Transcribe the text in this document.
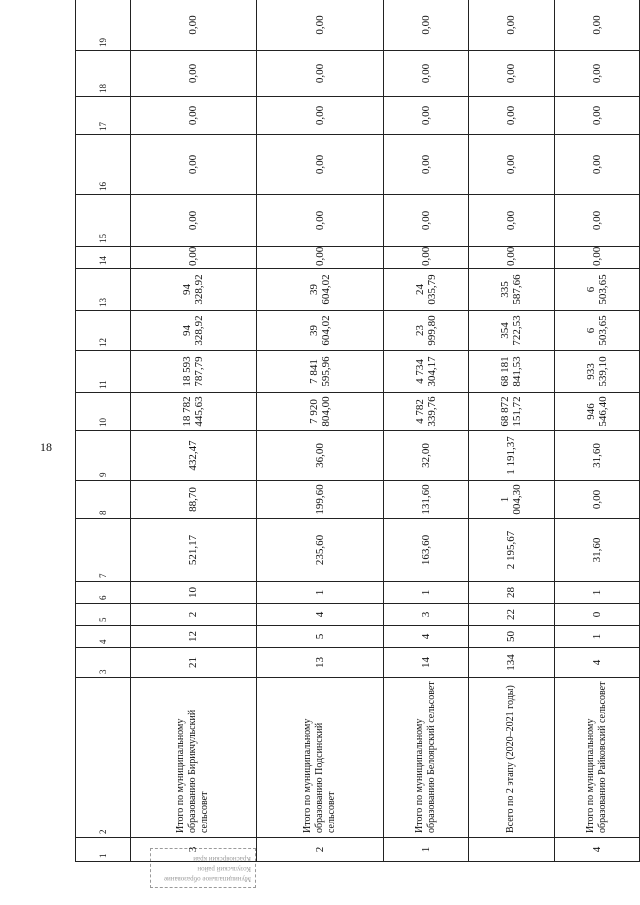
18
Муниципальное образование
Козульский район
Красноярский край
1	2	3	4	5	6	7	8	9	10	11	12	13	14	15	16	17	18	19
3	Итого по муниципальному образованию Бирикчульский сельсовет	21	12	2	10	521,17	88,70	432,47	18 782 445,63	18 593 787,79	94 328,92	94 328,92	0,00	0,00	0,00	0,00	0,00	0,00
2	Итого по муниципальному образованию Подсинский сельсовет	13	5	4	1	235,60	199,60	36,00	7 920 804,00	7 841 595,96	39 604,02	39 604,02	0,00	0,00	0,00	0,00	0,00	0,00
1	Итого по муниципальному образованию Белоярский сельсовет	14	4	3	1	163,60	131,60	32,00	4 782 339,76	4 734 304,17	23 999,80	24 035,79	0,00	0,00	0,00	0,00	0,00	0,00
	Всего по 2 этапу (2020–2021 годы)	134	50	22	28	2 195,67	1 004,30	1 191,37	68 872 151,72	68 181 841,53	354 722,53	335 587,66	0,00	0,00	0,00	0,00	0,00	0,00
4	Итого по муниципальному образованию Райковский сельсовет	4	1	0	1	31,60	0,00	31,60	946 546,40	933 539,10	6 503,65	6 503,65	0,00	0,00	0,00	0,00	0,00	0,00
